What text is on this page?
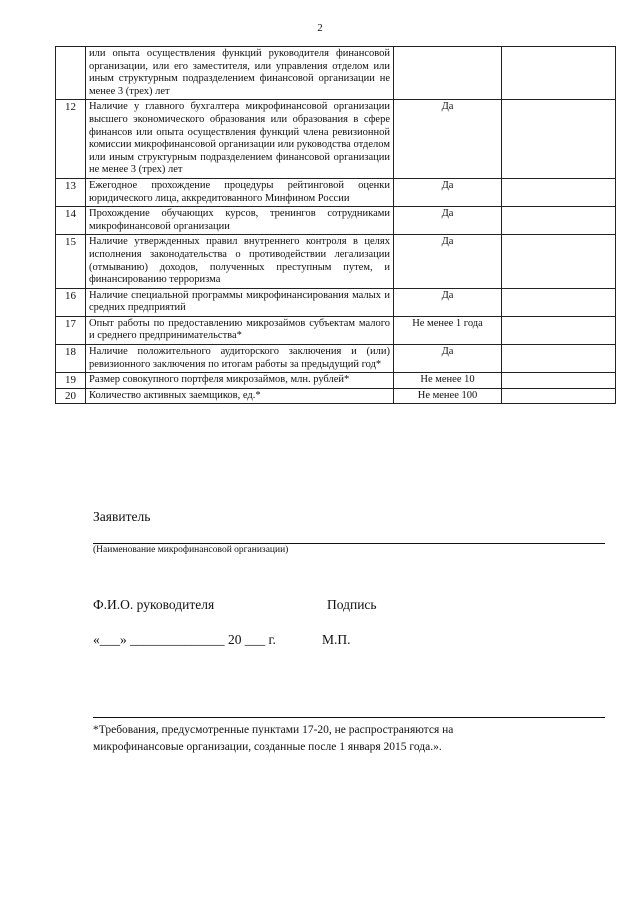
2
	или опыта осуществления функций руководителя финансовой организации, или его заместителя, или управления отделом или иным структурным подразделением финансовой организации не менее 3 (трех) лет		
12	Наличие у главного бухгалтера микрофинансовой организации высшего экономического образования или образования в сфере финансов или опыта осуществления функций члена ревизионной комиссии микрофинансовой организации или руководства отделом или иным структурным подразделением финансовой организации не менее 3 (трех) лет	Да	
13	Ежегодное прохождение процедуры рейтинговой оценки юридического лица, аккредитованного Минфином России	Да	
14	Прохождение обучающих курсов, тренингов сотрудниками микрофинансовой организации	Да	
15	Наличие утвержденных правил внутреннего контроля в целях исполнения законодательства о противодействии легализации (отмыванию) доходов, полученных преступным путем, и финансированию терроризма	Да	
16	Наличие специальной программы микрофинансирования малых и средних предприятий	Да	
17	Опыт работы по предоставлению микрозаймов субъектам малого и среднего предпринимательства*	Не менее 1 года	
18	Наличие положительного аудиторского заключения и (или) ревизионного заключения по итогам работы за предыдущий год*	Да	
19	Размер совокупного портфеля микрозаймов, млн. рублей*	Не менее 10	
20	Количество активных заемщиков, ед.*	Не менее 100	
Заявитель
(Наименование микрофинансовой организации)
Ф.И.О. руководителя	Подпись
«___» ______________ 20 ___ г.	М.П.
*Требования, предусмотренные пунктами 17-20, не распространяются на микрофинансовые организации, созданные после 1 января 2015 года.».
